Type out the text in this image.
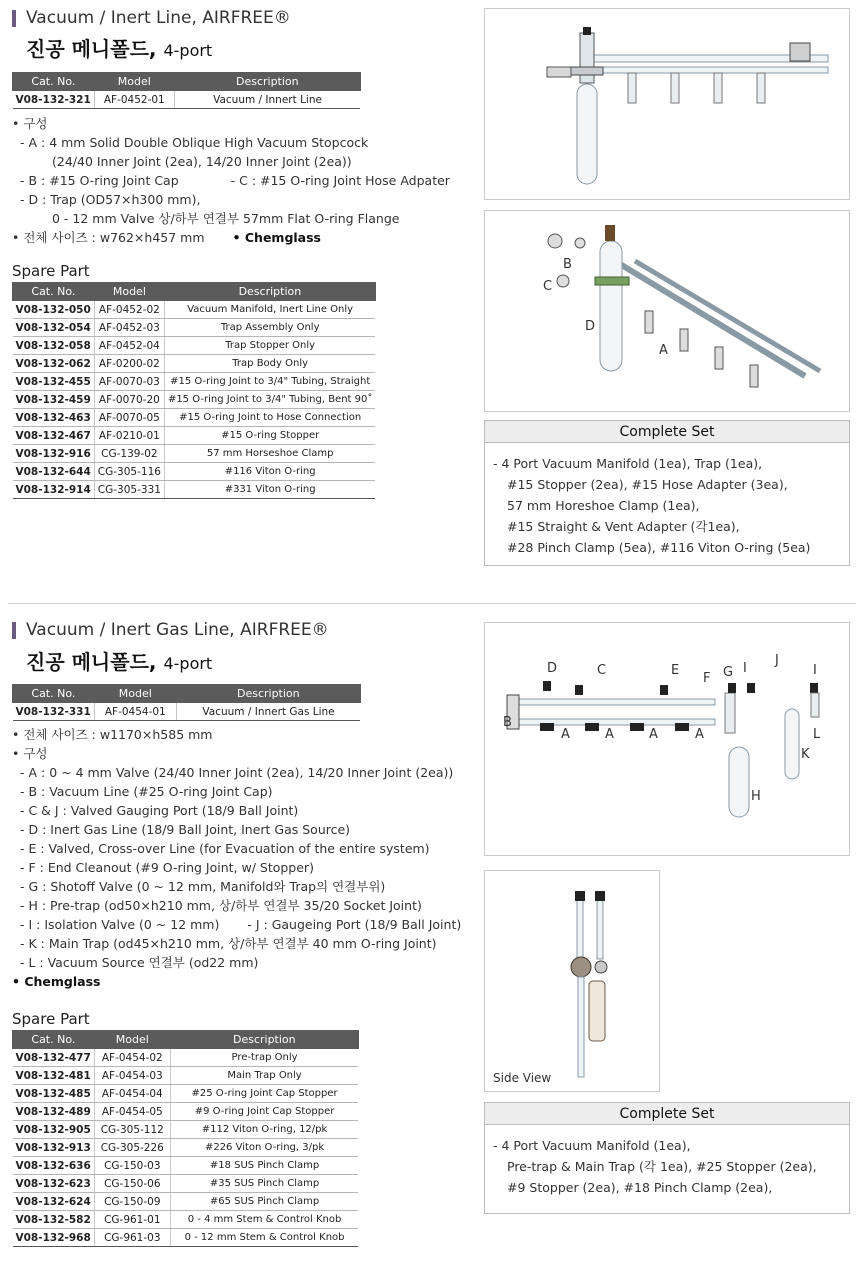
Vacuum / Inert Line, AIRFREE®
진공 메니폴드, 4-port
Cat. No.	Model	Description
V08-132-321	AF-0452-01	Vacuum / Innert Line
• 구성
- A : 4 mm Solid Double Oblique High Vacuum Stopcock
(24/40 Inner Joint (2ea), 14/20 Inner Joint (2ea))
- B : #15 O-ring Joint Cap	- C : #15 O-ring Joint Hose Adpater
- D : Trap (OD57×h300 mm),
0 - 12 mm Valve 상/하부 연결부 57mm Flat O-ring Flange
• 전체 사이즈 : w762×h457 mm • Chemglass
Spare Part
Cat. No.	Model	Description
V08-132-050	AF-0452-02	Vacuum Manifold, Inert Line Only
V08-132-054	AF-0452-03	Trap Assembly Only
V08-132-058	AF-0452-04	Trap Stopper Only
V08-132-062	AF-0200-02	Trap Body Only
V08-132-455	AF-0070-03	#15 O-ring Joint to 3/4" Tubing, Straight
V08-132-459	AF-0070-20	#15 O-ring Joint to 3/4" Tubing, Bent 90˚
V08-132-463	AF-0070-05	#15 O-ring Joint to Hose Connection
V08-132-467	AF-0210-01	#15 O-ring Stopper
V08-132-916	CG-139-02	57 mm Horseshoe Clamp
V08-132-644	CG-305-116	#116 Viton O-ring
V08-132-914	CG-305-331	#331 Viton O-ring
B
C
D
A
Complete Set
- 4 Port Vacuum Manifold (1ea), Trap (1ea),
#15 Stopper (2ea), #15 Hose Adapter (3ea),
57 mm Horeshoe Clamp (1ea),
#15 Straight & Vent Adapter (각1ea),
#28 Pinch Clamp (5ea), #116 Viton O-ring (5ea)
Vacuum / Inert Gas Line, AIRFREE®
진공 메니폴드, 4-port
Cat. No.	Model	Description
V08-132-331	AF-0454-01	Vacuum / Innert Gas Line
• 전체 사이즈 : w1170×h585 mm
• 구성
- A : 0 ~ 4 mm Valve (24/40 Inner Joint (2ea), 14/20 Inner Joint (2ea))
- B : Vacuum Line (#25 O-ring Joint Cap)
- C & J : Valved Gauging Port (18/9 Ball Joint)
- D : Inert Gas Line (18/9 Ball Joint, Inert Gas Source)
- E : Valved, Cross-over Line (for Evacuation of the entire system)
- F : End Cleanout (#9 O-ring Joint, w/ Stopper)
- G : Shotoff Valve (0 ~ 12 mm, Manifold와 Trap의 연결부위)
- H : Pre-trap (od50×h210 mm, 상/하부 연결부 35/20 Socket Joint)
- I : Isolation Valve (0 ~ 12 mm) - J : Gaugeing Port (18/9 Ball Joint)
- K : Main Trap (od45×h210 mm, 상/하부 연결부 40 mm O-ring Joint)
- L : Vacuum Source 연결부 (od22 mm)
• Chemglass
Spare Part
Cat. No.	Model	Description
V08-132-477	AF-0454-02	Pre-trap Only
V08-132-481	AF-0454-03	Main Trap Only
V08-132-485	AF-0454-04	#25 O-ring Joint Cap Stopper
V08-132-489	AF-0454-05	#9 O-ring Joint Cap Stopper
V08-132-905	CG-305-112	#112 Viton O-ring, 12/pk
V08-132-913	CG-305-226	#226 Viton O-ring, 3/pk
V08-132-636	CG-150-03	#18 SUS Pinch Clamp
V08-132-623	CG-150-06	#35 SUS Pinch Clamp
V08-132-624	CG-150-09	#65 SUS Pinch Clamp
V08-132-582	CG-961-01	0 - 4 mm Stem & Control Knob
V08-132-968	CG-961-03	0 - 12 mm Stem & Control Knob
D	C	E
F G I
J
I
B
A	A	A	A	L
K
H
Side View
Complete Set
- 4 Port Vacuum Manifold (1ea),
Pre-trap & Main Trap (각 1ea), #25 Stopper (2ea),
#9 Stopper (2ea), #18 Pinch Clamp (2ea),
